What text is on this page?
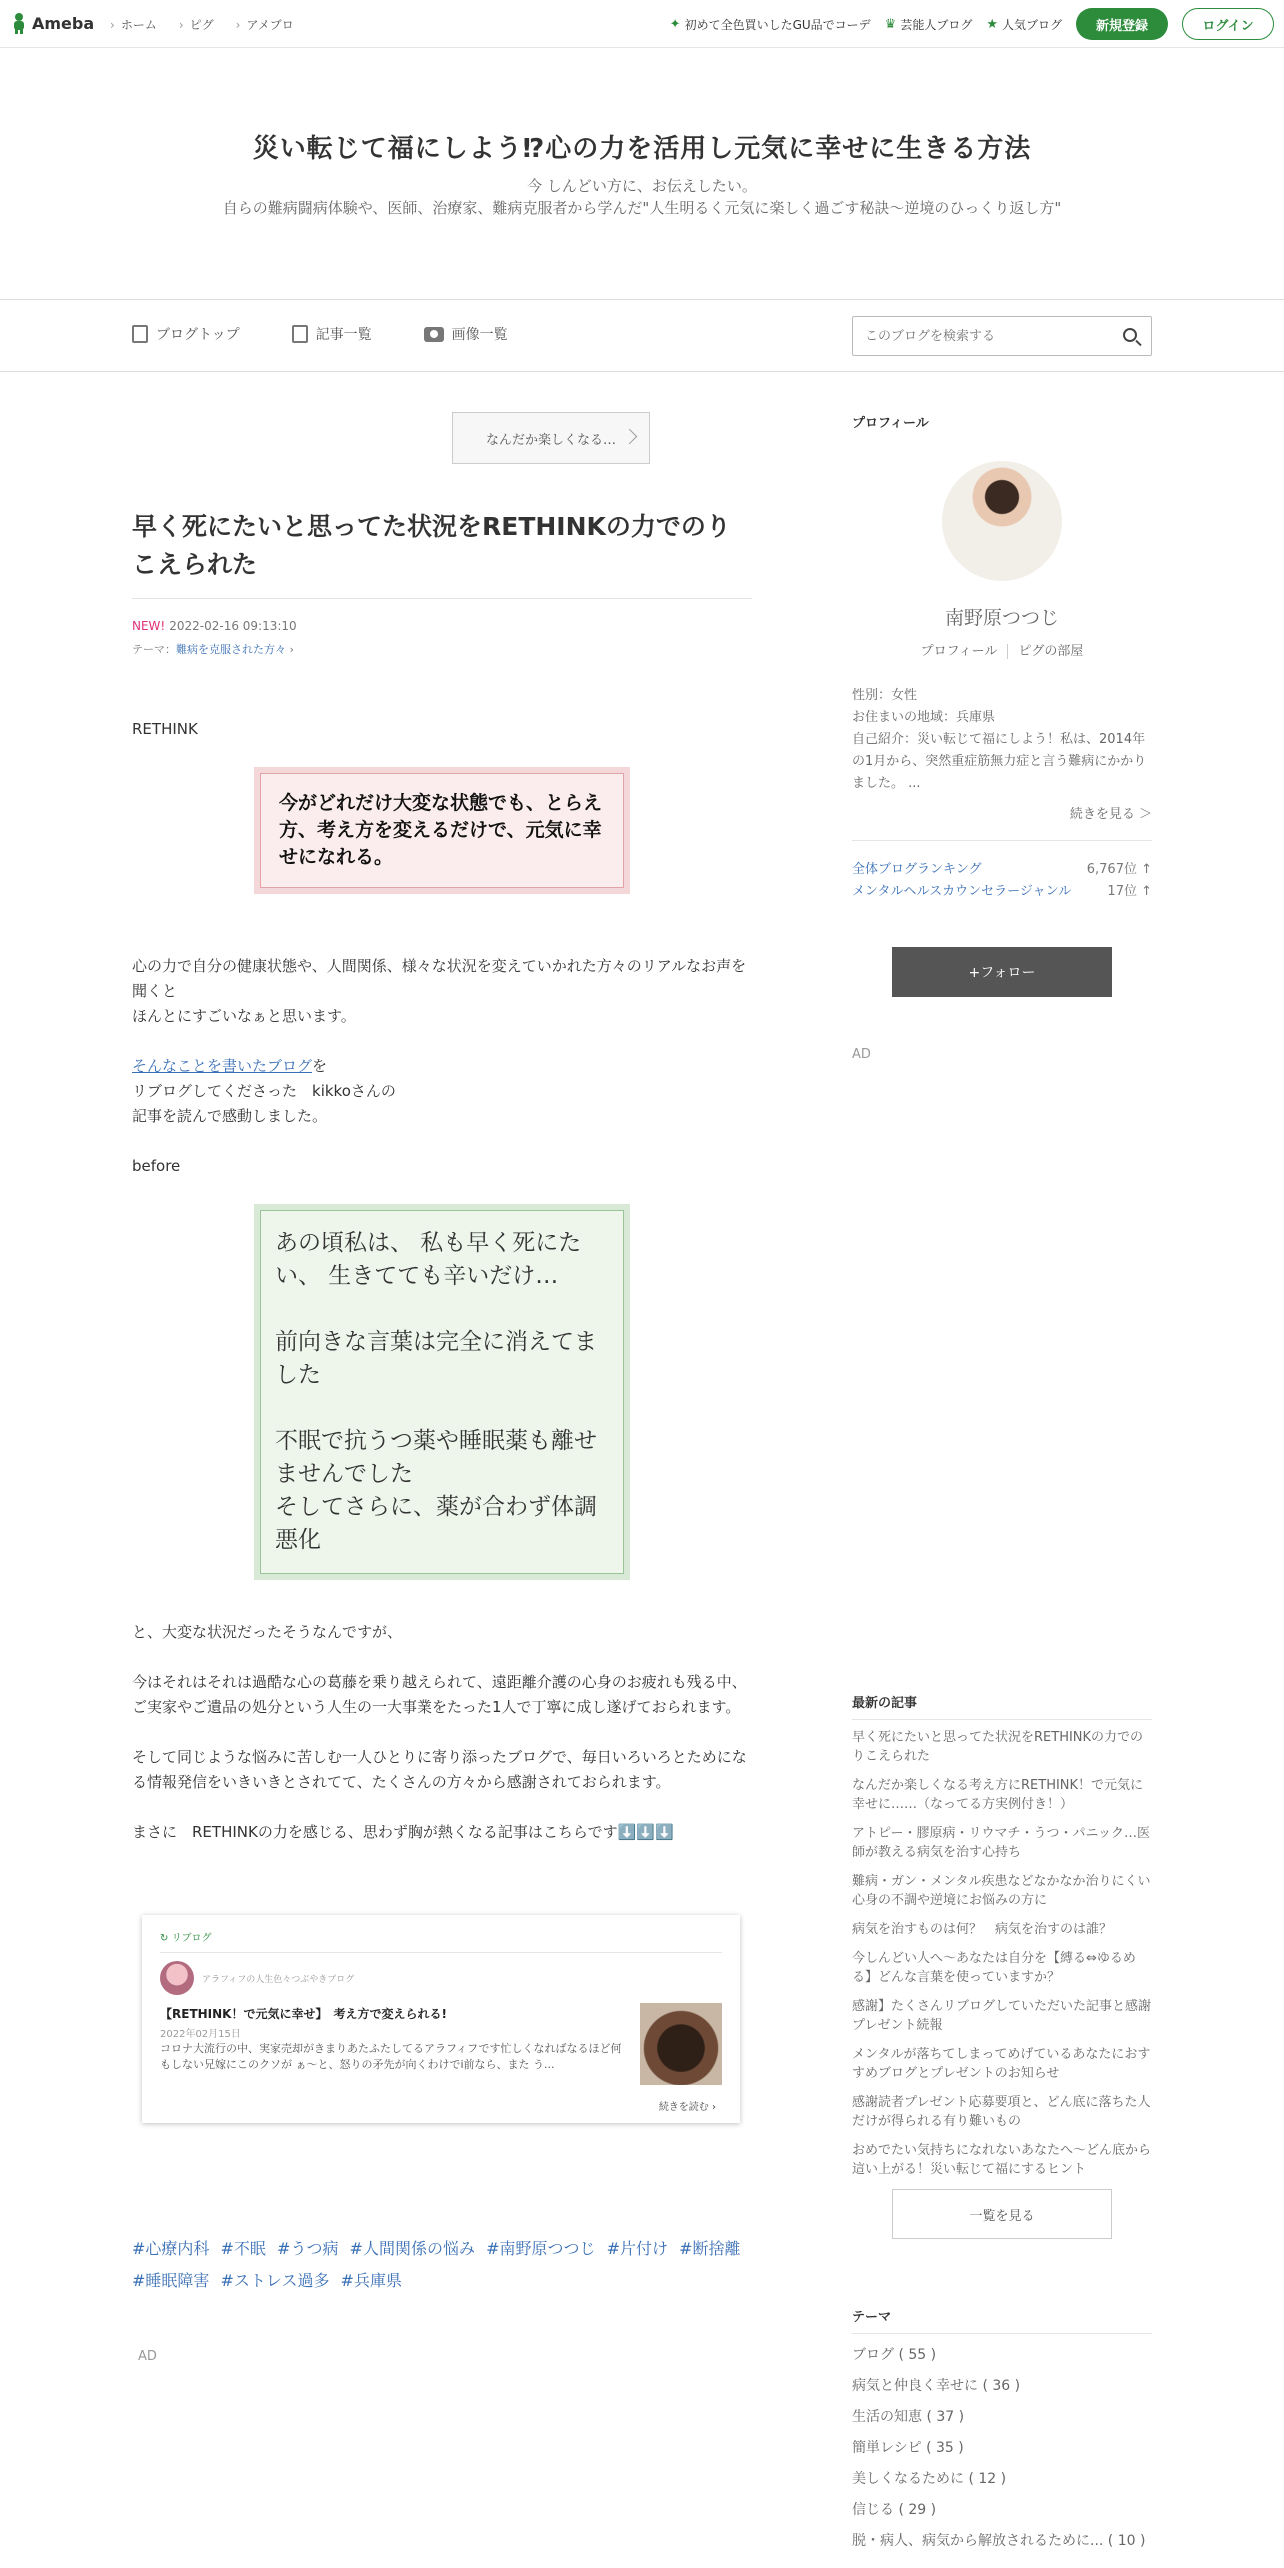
Ameba	› ホーム	› ピグ	› アメブロ	✦ 初めて全色買いしたGU品でコーデ ♛ 芸能人ブログ ★ 人気ブログ	新規登録	ログイン
災い転じて福にしよう⁉心の力を活用し元気に幸せに生きる方法
今 しんどい方に、お伝えしたい。
自らの難病闘病体験や、医師、治療家、難病克服者から学んだ"人生明るく元気に楽しく過ごす秘訣～逆境のひっくり返し方"
ブログトップ	記事一覧	画像一覧
このブログを検索する
なんだか楽しくなる…
早く死にたいと思ってた状況をRETHINKの力でのりこえられた
NEW! 2022-02-16 09:13:10
テーマ：難病を克服された方々 ›
RETHINK
今がどれだけ大変な状態でも、とらえ方、考え方を変えるだけで、元気に幸せになれる。
心の力で自分の健康状態や、人間関係、様々な状況を変えていかれた方々のリアルなお声を聞くと
ほんとにすごいなぁと思います。
そんなことを書いたブログを
リブログしてくださった　kikkoさんの
記事を読んで感動しました。
before
あの頃私は、 私も早く死にたい、 生きてても辛いだけ…
前向きな言葉は完全に消えてました
不眠で抗うつ薬や睡眠薬も離せませんでした
そしてさらに、薬が合わず体調悪化
と、大変な状況だったそうなんですが、
今はそれはそれは過酷な心の葛藤を乗り越えられて、遠距離介護の心身のお疲れも残る中、ご実家やご遺品の処分という人生の一大事業をたった1人で丁寧に成し遂げておられます。
そして同じような悩みに苦しむ一人ひとりに寄り添ったブログで、毎日いろいろとためになる情報発信をいきいきとされてて、たくさんの方々から感謝されておられます。
まさに　RETHINKの力を感じる、思わず胸が熱くなる記事はこちらです⬇️⬇️⬇️
↻ リブログ
アラフィフの人生色々つぶやきブログ
【RETHINK！で元気に幸せ】　考え方で変えられる!
2022年02月15日
コロナ大流行の中、実家売却がきまりあたふたしてるアラフィフです忙しくなればなるほど何もしない兄嫁にこのクソが ぁ〜と、怒りの矛先が向くわけでi前なら、また う...
続きを読む ›
#心療内科 #不眠 #うつ病 #人間関係の悩み #南野原つつじ #片付け #断捨離 #睡眠障害 #ストレス過多 #兵庫県
AD
プロフィール
南野原つつじ
プロフィール ピグの部屋
性別：女性
お住まいの地域：兵庫県
自己紹介：災い転じて福にしよう！私は、2014年の1月から、突然重症筋無力症と言う難病にかかりました。 ...
続きを見る ＞
全体ブログランキング	6,767位 ↑
メンタルヘルスカウンセラージャンル	17位 ↑
+フォロー
AD
最新の記事
早く死にたいと思ってた状況をRETHINKの力でのりこえられた
なんだか楽しくなる考え方にRETHINK！で元気に幸せに……（なってる方実例付き！）
アトピー・膠原病・リウマチ・うつ・パニック…医師が教える病気を治す心持ち
難病・ガン・メンタル疾患などなかなか治りにくい心身の不調や逆境にお悩みの方に
病気を治すものは何？　病気を治すのは誰？
今しんどい人へ～あなたは自分を【縛る⇔ゆるめる】どんな言葉を使っていますか？
感謝】たくさんリブログしていただいた記事と感謝プレゼント続報
メンタルが落ちてしまってめげているあなたにおすすめブログとプレゼントのお知らせ
感謝読者プレゼント応募要項と、どん底に落ちた人だけが得られる有り難いもの
おめでたい気持ちになれないあなたへ～どん底から這い上がる！災い転じて福にするヒント
一覧を見る
テーマ
ブログ ( 55 )
病気と仲良く幸せに ( 36 )
生活の知恵 ( 37 )
簡単レシピ ( 35 )
美しくなるために ( 12 )
信じる ( 29 )
脱・病人、病気から解放されるために... ( 10 )
